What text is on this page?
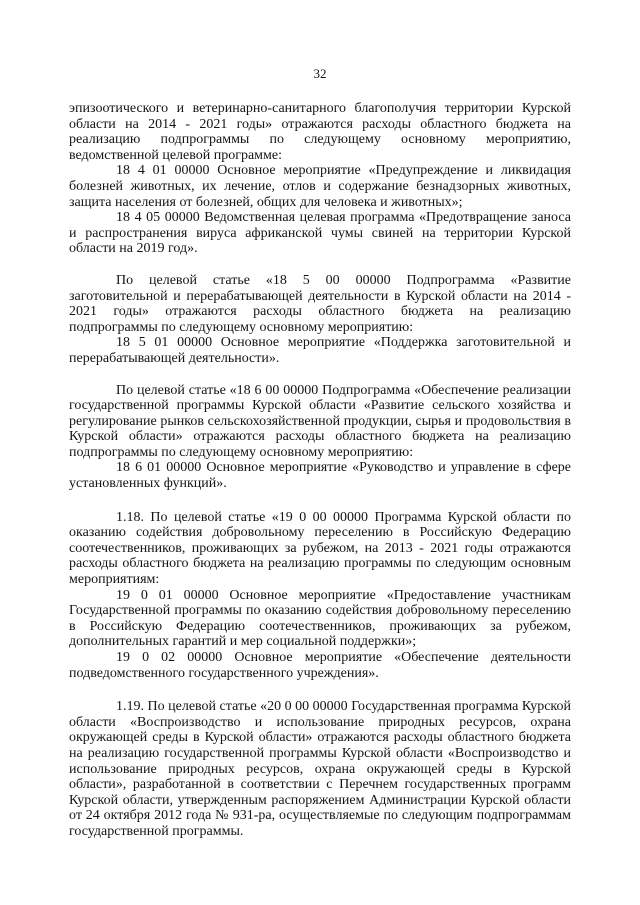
32

эпизоотического и ветеринарно-санитарного благополучия территории Курской области на 2014 - 2021 годы» отражаются расходы областного бюджета на реализацию подпрограммы по следующему основному мероприятию, ведомственной целевой программе:

18 4 01 00000 Основное мероприятие «Предупреждение и ликвидация болезней животных, их лечение, отлов и содержание безнадзорных животных, защита населения от болезней, общих для человека и животных»;

18 4 05 00000 Ведомственная целевая программа «Предотвращение заноса и распространения вируса африканской чумы свиней на территории Курской области на 2019 год».

По целевой статье «18 5 00 00000 Подпрограмма «Развитие заготовительной и перерабатывающей деятельности в Курской области на 2014 - 2021 годы» отражаются расходы областного бюджета на реализацию подпрограммы по следующему основному мероприятию:

18 5 01 00000 Основное мероприятие «Поддержка заготовительной и перерабатывающей деятельности».

По целевой статье «18 6 00 00000 Подпрограмма «Обеспечение реализации государственной программы Курской области «Развитие сельского хозяйства и регулирование рынков сельскохозяйственной продукции, сырья и продовольствия в Курской области» отражаются расходы областного бюджета на реализацию подпрограммы по следующему основному мероприятию:

18 6 01 00000 Основное мероприятие «Руководство и управление в сфере установленных функций».

1.18. По целевой статье «19 0 00 00000 Программа Курской области по оказанию содействия добровольному переселению в Российскую Федерацию соотечественников, проживающих за рубежом, на 2013 - 2021 годы отражаются расходы областного бюджета на реализацию программы по следующим основным мероприятиям:

19 0 01 00000 Основное мероприятие «Предоставление участникам Государственной программы по оказанию содействия добровольному переселению в Российскую Федерацию соотечественников, проживающих за рубежом, дополнительных гарантий и мер социальной поддержки»;

19 0 02 00000 Основное мероприятие «Обеспечение деятельности подведомственного государственного учреждения».

1.19. По целевой статье «20 0 00 00000 Государственная программа Курской области «Воспроизводство и использование природных ресурсов, охрана окружающей среды в Курской области» отражаются расходы областного бюджета на реализацию государственной программы Курской области «Воспроизводство и использование природных ресурсов, охрана окружающей среды в Курской области», разработанной в соответствии с Перечнем государственных программ Курской области, утвержденным распоряжением Администрации Курской области от 24 октября 2012 года № 931-ра, осуществляемые по следующим подпрограммам государственной программы.
